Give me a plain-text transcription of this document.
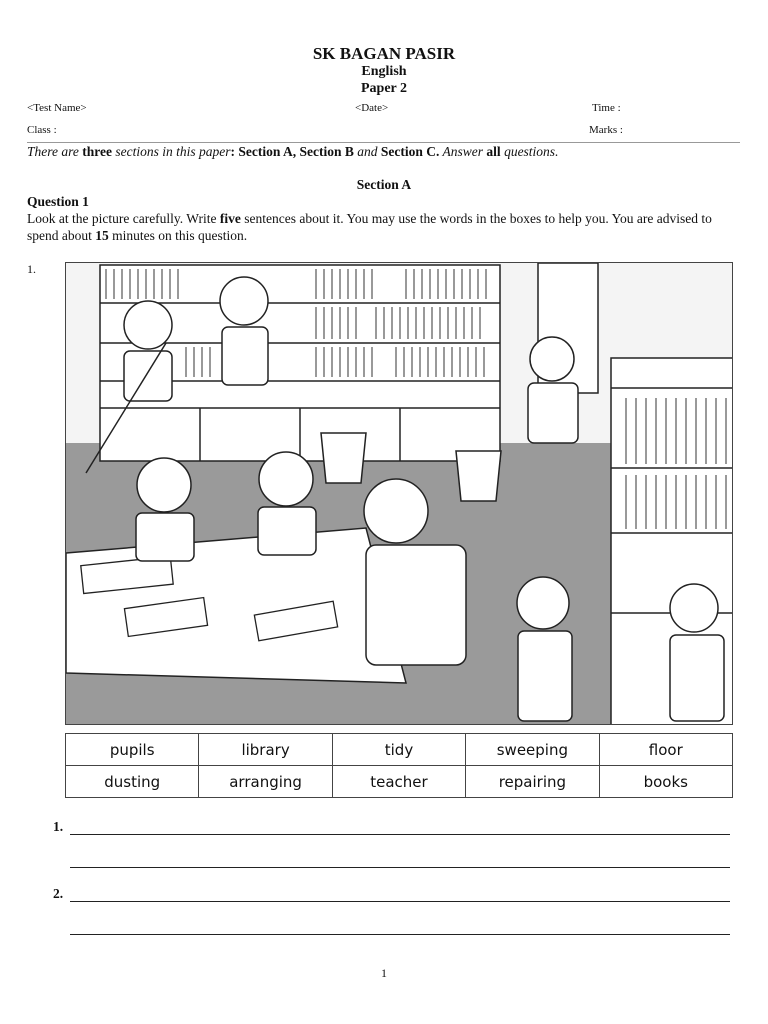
SK BAGAN PASIR
English
Paper 2
<Test Name>	<Date>	Time :
Class :	Marks :
There are three sections in this paper: Section A, Section B and Section C. Answer all questions.
Section A
Question 1
Look at the picture carefully. Write five sentences about it. You may use the words in the boxes to help you. You are advised to spend about 15 minutes on this question.
1.
pupils	library	tidy	sweeping	floor
dusting	arranging	teacher	repairing	books
1.
2.
1
